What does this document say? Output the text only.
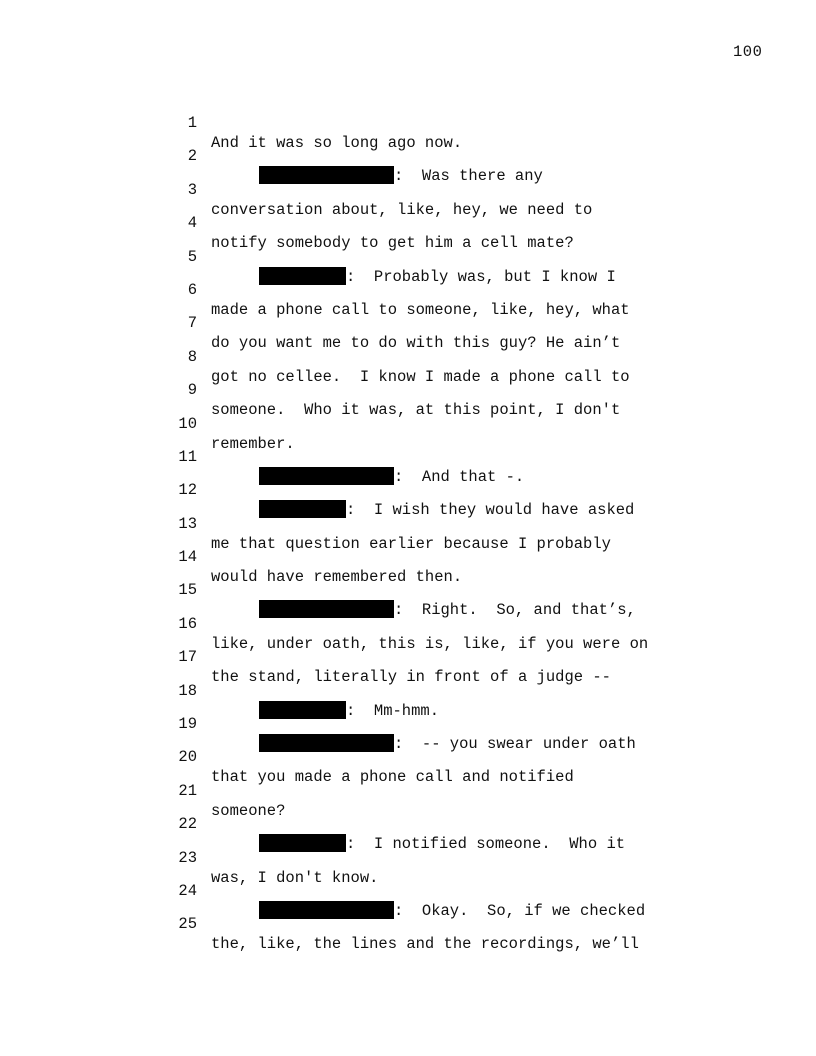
100

1

And it was so long ago now.

2

:  Was there any

3

conversation about, like, hey, we need to

4

notify somebody to get him a cell mate?

5

:  Probably was, but I know I

6

made a phone call to someone, like, hey, what

7

do you want me to do with this guy? He ain’t

8

got no cellee.  I know I made a phone call to

9

someone.  Who it was, at this point, I don't

10

remember.

11

:  And that -.

12

:  I wish they would have asked

13

me that question earlier because I probably

14

would have remembered then.

15

:  Right.  So, and that’s,

16

like, under oath, this is, like, if you were on

17

the stand, literally in front of a judge --

18

:  Mm-hmm.

19

:  -- you swear under oath

20

that you made a phone call and notified

21

someone?

22

:  I notified someone.  Who it

23

was, I don't know.

24

:  Okay.  So, if we checked

25

the, like, the lines and the recordings, we’ll
